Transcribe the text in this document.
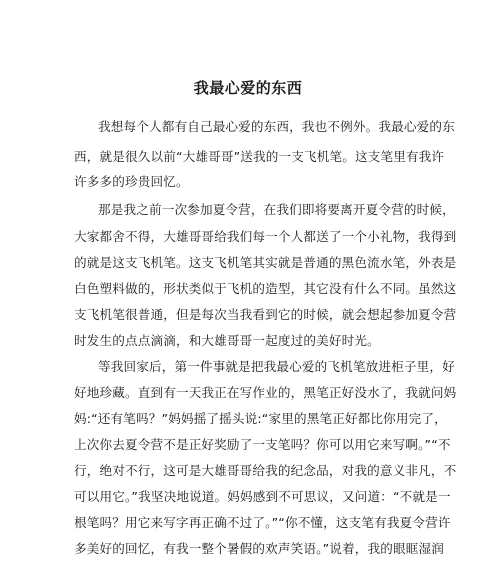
我最心爱的东西
我想每个人都有自己最心爱的东西，我也不例外。我最心爱的东
西，就是很久以前“大雄哥哥”送我的一支飞机笔。这支笔里有我许
许多多的珍贵回忆。
那是我之前一次参加夏令营，在我们即将要离开夏令营的时候，
大家都舍不得，大雄哥哥给我们每一个人都送了一个小礼物，我得到
的就是这支飞机笔。这支飞机笔其实就是普通的黑色流水笔，外表是
白色塑料做的，形状类似于飞机的造型，其它没有什么不同。虽然这
支飞机笔很普通，但是每次当我看到它的时候，就会想起参加夏令营
时发生的点点滴滴，和大雄哥哥一起度过的美好时光。
等我回家后，第一件事就是把我最心爱的飞机笔放进柜子里，好
好地珍藏。直到有一天我正在写作业的，黑笔正好没水了，我就问妈
妈:“还有笔吗？”妈妈摇了摇头说:“家里的黑笔正好都比你用完了，
上次你去夏令营不是正好奖励了一支笔吗？你可以用它来写啊。”“不
行，绝对不行，这可是大雄哥哥给我的纪念品，对我的意义非凡，不
可以用它。”我坚决地说道。妈妈感到不可思议，又问道：“不就是一
根笔吗？用它来写字再正确不过了。”“你不懂，这支笔有我夏令营许
多美好的回忆，有我一整个暑假的欢声笑语。”说着，我的眼眶湿润
